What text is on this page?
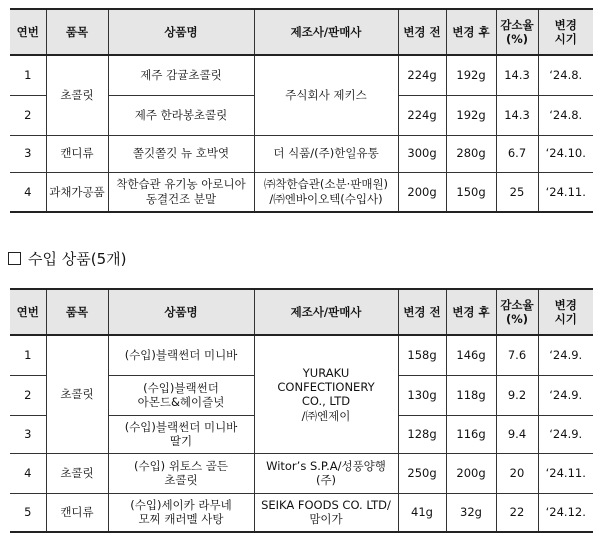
연번	품목	상품명	제조사/판매사	변경 전	변경 후	감소율
(%)	변경
시기

1	초콜릿	제주 감귤초콜릿	주식회사 제키스	224g	192g	14.3	‘24.8.
2		제주 한라봉초콜릿		224g	192g	14.3	‘24.8.
3	캔디류	쫄깃쫄깃 뉴 호박엿	더 식품/(주)한일유통	300g	280g	6.7	‘24.10.
4	과채가공품	착한습관 유기농 아로니아
동결건조 분말	㈜착한습관(소분·판매원)
/㈜엔바이오텍(수입사)	200g	150g	25	‘24.11.
수입 상품(5개)
연번	품목	상품명	제조사/판매사	변경 전	변경 후	감소율
(%)	변경
시기

1	초콜릿	(수입)블랙썬더 미니바	YURAKU CONFECTIONERY
CO., LTD
/㈜엔제이	158g	146g	7.6	‘24.9.
2		(수입)블랙썬더
아몬드&헤이즐넛		130g	118g	9.2	‘24.9.
3		(수입)블랙썬더 미니바
딸기		128g	116g	9.4	‘24.9.
4	초콜릿	(수입) 위토스 골든
초콜릿	Witor’s S.P.A/성풍양행(주)	250g	200g	20	‘24.11.
5	캔디류	(수입)세이카 라무네
모찌 캐러멜 사탕	SEIKA FOODS CO. LTD/
맘이가	41g	32g	22	‘24.12.
